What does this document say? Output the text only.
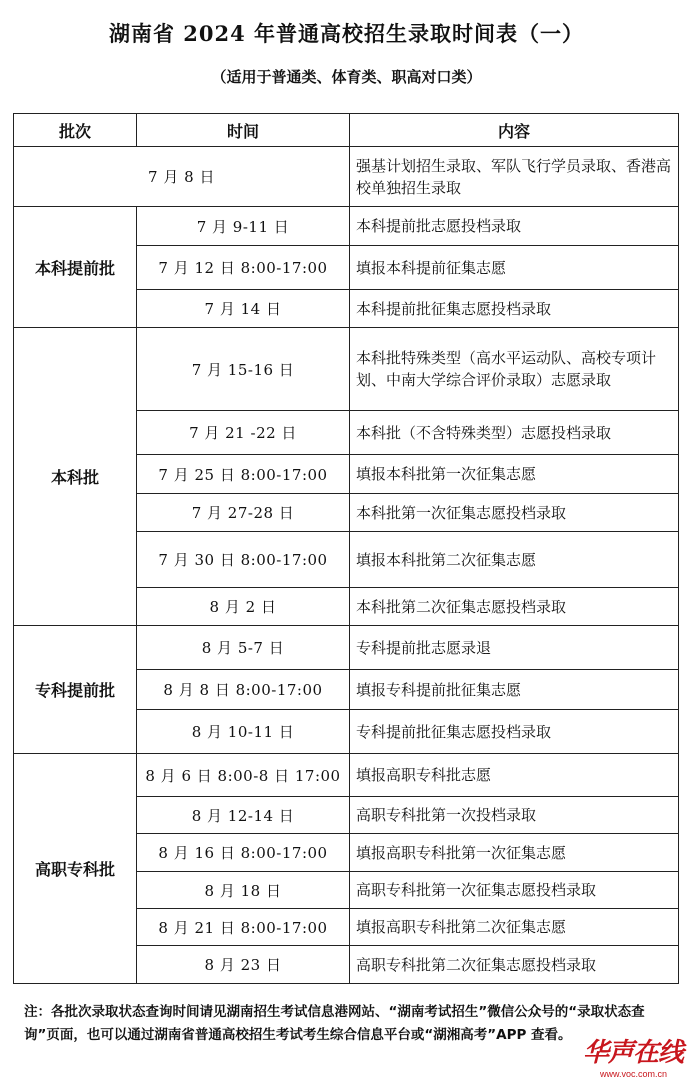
湖南省 2024 年普通高校招生录取时间表（一）
（适用于普通类、体育类、职高对口类）
批次	时间	内容
7 月 8 日		强基计划招生录取、军队飞行学员录取、香港高校单独招生录取
本科提前批	7 月 9-11 日	本科提前批志愿投档录取
	7 月 12 日 8:00-17:00	填报本科提前征集志愿
	7 月 14 日	本科提前批征集志愿投档录取
本科批	7 月 15-16 日	本科批特殊类型（高水平运动队、高校专项计划、中南大学综合评价录取）志愿录取
	7 月 21 -22 日	本科批（不含特殊类型）志愿投档录取
	7 月 25 日 8:00-17:00	填报本科批第一次征集志愿
	7 月 27-28 日	本科批第一次征集志愿投档录取
	7 月 30 日 8:00-17:00	填报本科批第二次征集志愿
	8 月 2 日	本科批第二次征集志愿投档录取
专科提前批	8 月 5-7 日	专科提前批志愿录退
	8 月 8 日 8:00-17:00	填报专科提前批征集志愿
	8 月 10-11 日	专科提前批征集志愿投档录取
高职专科批	8 月 6 日 8:00-8 日 17:00	填报高职专科批志愿
	8 月 12-14 日	高职专科批第一次投档录取
	8 月 16 日 8:00-17:00	填报高职专科批第一次征集志愿
	8 月 18 日	高职专科批第一次征集志愿投档录取
	8 月 21 日 8:00-17:00	填报高职专科批第二次征集志愿
	8 月 23 日	高职专科批第二次征集志愿投档录取
注：各批次录取状态查询时间请见湖南招生考试信息港网站、“湖南考试招生”微信公众号的“录取状态查询”页面，也可以通过湖南省普通高校招生考试考生综合信息平台或“湖湘高考”APP 查看。
华声在线
www.voc.com.cn
